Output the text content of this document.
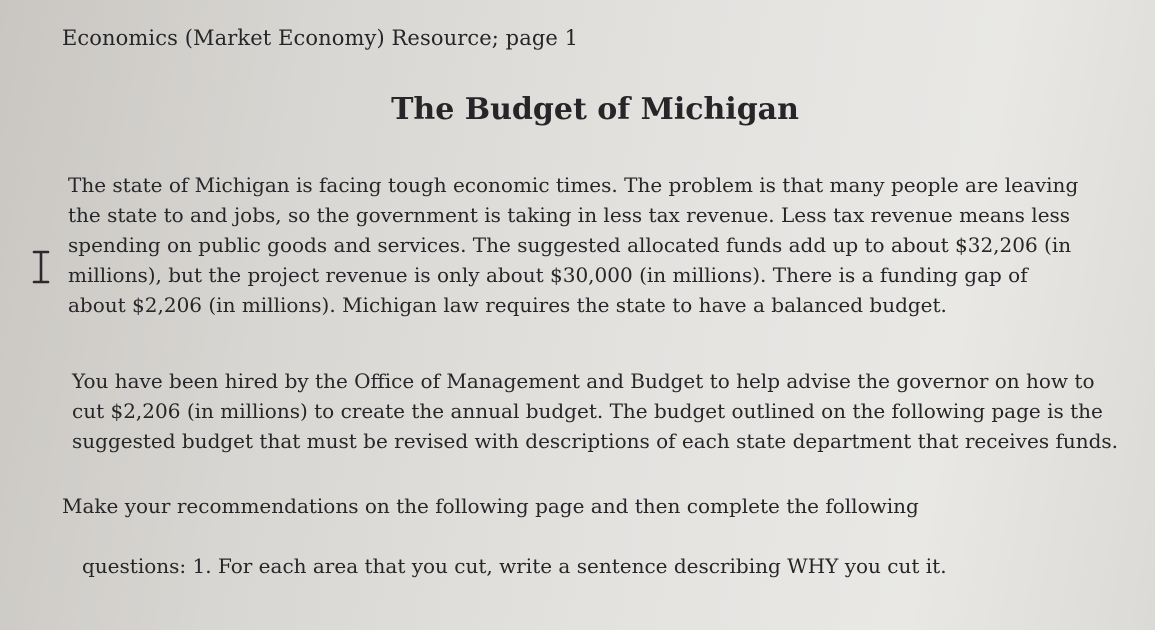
Economics (Market Economy) Resource; page 1
The Budget of Michigan

The state of Michigan is facing tough economic times. The problem is that many people are leaving
the state to and jobs, so the government is taking in less tax revenue. Less tax revenue means less
spending on public goods and services. The suggested allocated funds add up to about $32,206 (in
millions), but the project revenue is only about $30,000 (in millions). There is a funding gap of
about $2,206 (in millions). Michigan law requires the state to have a balanced budget.

You have been hired by the Office of Management and Budget to help advise the governor on how to
cut $2,206 (in millions) to create the annual budget. The budget outlined on the following page is the
suggested budget that must be revised with descriptions of each state department that receives funds.

Make your recommendations on the following page and then complete the following

questions: 1. For each area that you cut, write a sentence describing WHY you cut it.
